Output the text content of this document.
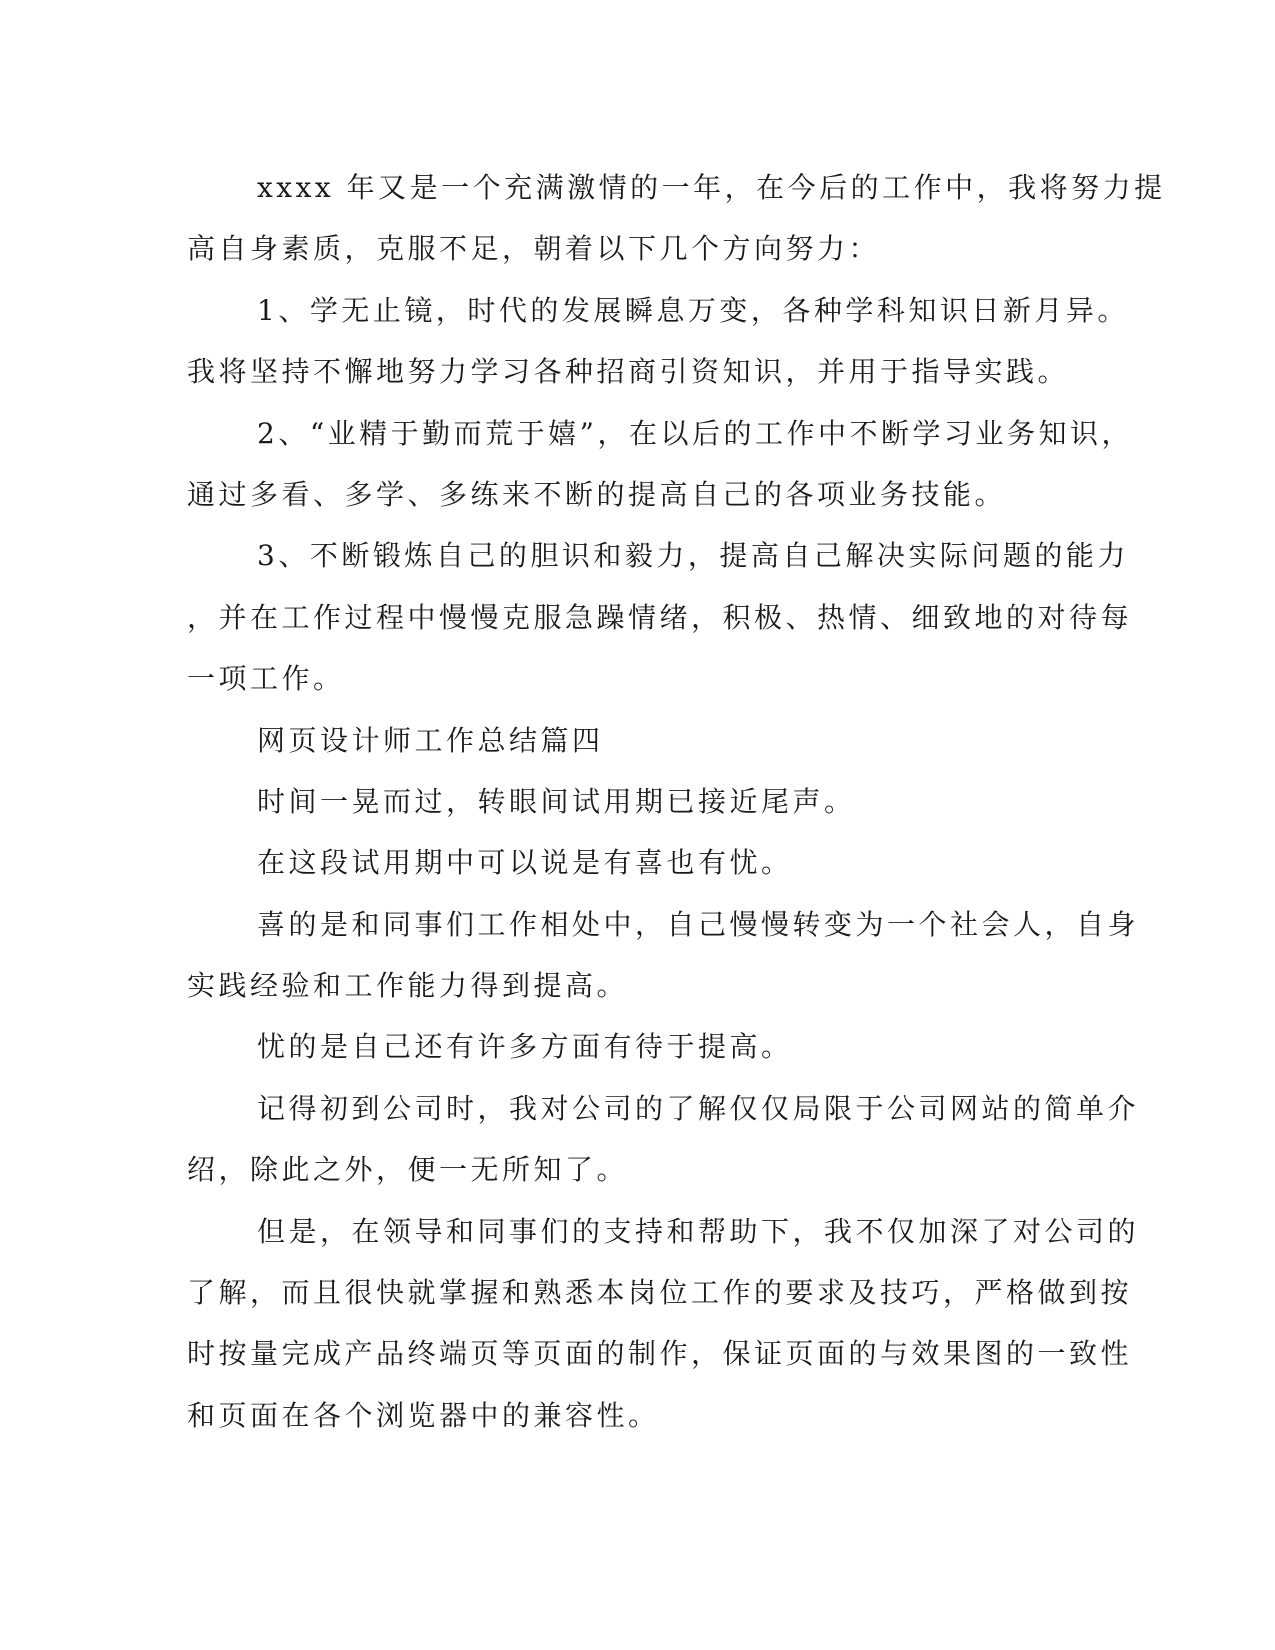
xxxx 年又是一个充满激情的一年，在今后的工作中，我将努力提
高自身素质，克服不足，朝着以下几个方向努力：
1、学无止镜，时代的发展瞬息万变，各种学科知识日新月异。
我将坚持不懈地努力学习各种招商引资知识，并用于指导实践。
2、“业精于勤而荒于嬉”，在以后的工作中不断学习业务知识，
通过多看、多学、多练来不断的提高自己的各项业务技能。
3、不断锻炼自己的胆识和毅力，提高自己解决实际问题的能力
，并在工作过程中慢慢克服急躁情绪，积极、热情、细致地的对待每
一项工作。
网页设计师工作总结篇四
时间一晃而过，转眼间试用期已接近尾声。
在这段试用期中可以说是有喜也有忧。
喜的是和同事们工作相处中，自己慢慢转变为一个社会人，自身
实践经验和工作能力得到提高。
忧的是自己还有许多方面有待于提高。
记得初到公司时，我对公司的了解仅仅局限于公司网站的简单介
绍，除此之外，便一无所知了。
但是，在领导和同事们的支持和帮助下，我不仅加深了对公司的
了解，而且很快就掌握和熟悉本岗位工作的要求及技巧，严格做到按
时按量完成产品终端页等页面的制作，保证页面的与效果图的一致性
和页面在各个浏览器中的兼容性。
